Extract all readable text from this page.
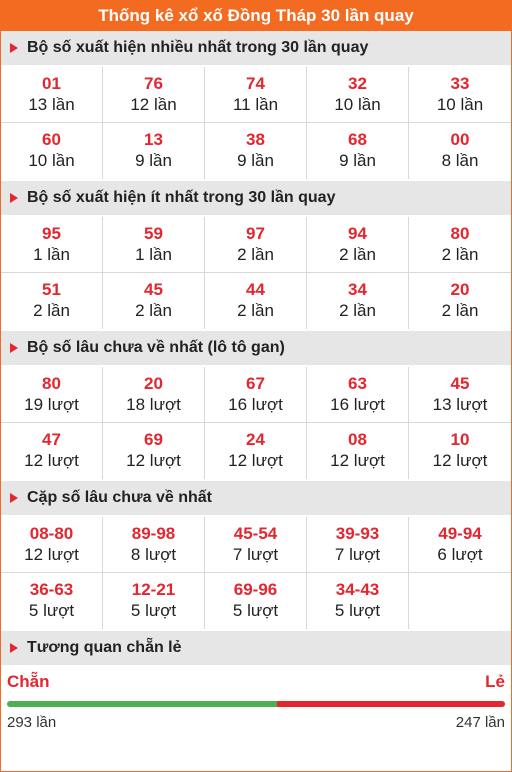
Thống kê xổ xố Đồng Tháp 30 lần quay
Bộ số xuất hiện nhiều nhất trong 30 lần quay
01
13 lần
76
12 lần
74
11 lần
32
10 lần
33
10 lần
60
10 lần
13
9 lần
38
9 lần
68
9 lần
00
8 lần
Bộ số xuất hiện ít nhất trong 30 lần quay
95
1 lần
59
1 lần
97
2 lần
94
2 lần
80
2 lần
51
2 lần
45
2 lần
44
2 lần
34
2 lần
20
2 lần
Bộ số lâu chưa về nhất (lô tô gan)
80
19 lượt
20
18 lượt
67
16 lượt
63
16 lượt
45
13 lượt
47
12 lượt
69
12 lượt
24
12 lượt
08
12 lượt
10
12 lượt
Cặp số lâu chưa về nhất
08-80
12 lượt
89-98
8 lượt
45-54
7 lượt
39-93
7 lượt
49-94
6 lượt
36-63
5 lượt
12-21
5 lượt
69-96
5 lượt
34-43
5 lượt
Tương quan chẵn lẻ
Chẵn	Lẻ
293 lần	247 lần
